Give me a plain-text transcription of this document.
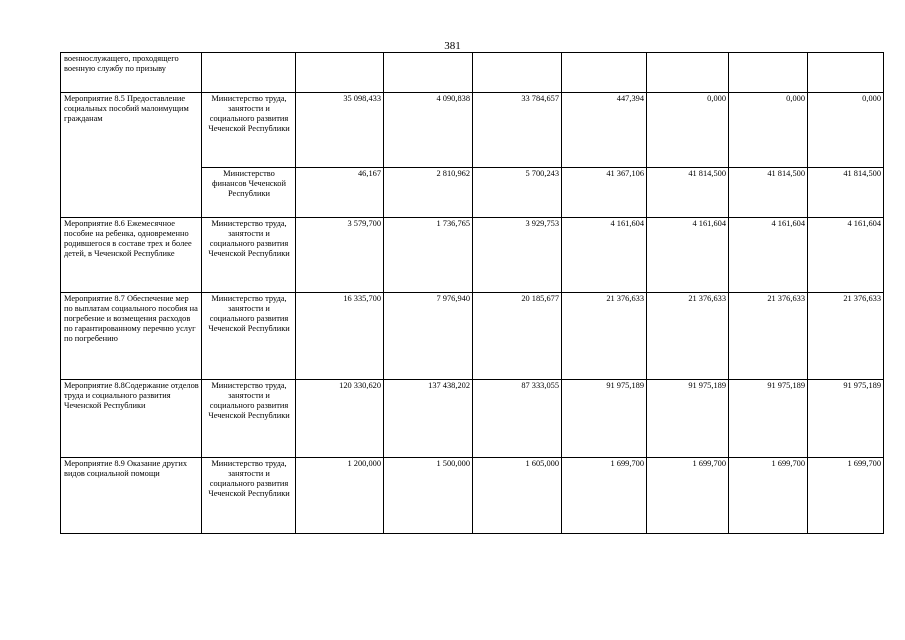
381
военнослужащего, проходящего военную службу по призыву								
Мероприятие 8.5 Предоставление социальных пособий малоимущим гражданам	Министерство труда, занятости и социального развития Чеченской Республики	35 098,433	4 090,838	33 784,657	447,394	0,000	0,000	0,000
	Министерство финансов Чеченской Республики	46,167	2 810,962	5 700,243	41 367,106	41 814,500	41 814,500	41 814,500
Мероприятие 8.6 Ежемесячное пособие на ребенка, одновременно родившегося в составе трех и более детей, в Чеченской Республике	Министерство труда, занятости и социального развития Чеченской Республики	3 579,700	1 736,765	3 929,753	4 161,604	4 161,604	4 161,604	4 161,604
Мероприятие 8.7 Обеспечение мер по выплатам социального пособия на погребение и возмещения расходов по гарантированному перечню услуг по погребению	Министерство труда, занятости и социального развития Чеченской Республики	16 335,700	7 976,940	20 185,677	21 376,633	21 376,633	21 376,633	21 376,633
Мероприятие 8.8Содержание отделов труда и социального развития Чеченской Республики	Министерство труда, занятости и социального развития Чеченской Республики	120 330,620	137 438,202	87 333,055	91 975,189	91 975,189	91 975,189	91 975,189
Мероприятие 8.9 Оказание других видов социальной помощи	Министерство труда, занятости и социального развития Чеченской Республики	1 200,000	1 500,000	1 605,000	1 699,700	1 699,700	1 699,700	1 699,700
